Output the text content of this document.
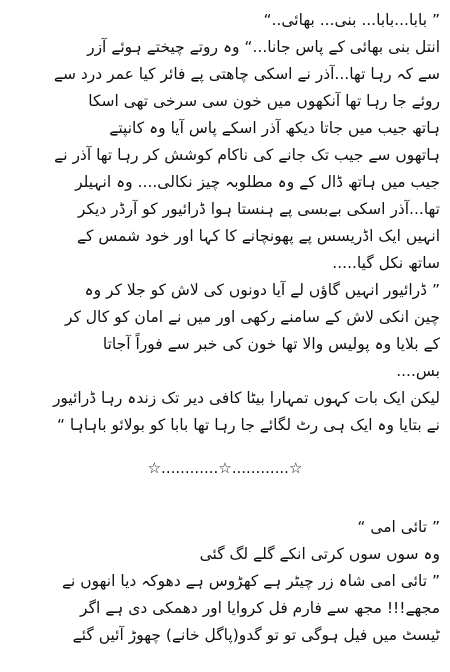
” بابا...بابا... بنی... بھائی..“
انتل بنی بھائی کے پاس جانا...“ وہ روتے چیختے ہوئے آزر
سے کہ رہا تھا...آذر نے اسکی چاھتی پے فائر کیا عمر درد سے
روئے جا رہا تھا آنکھوں میں خون سی سرخی تھی اسکا
ہاتھ جیب میں جاتا دیکھ آذر اسکے پاس آیا وہ کانپتے
ہاتھوں سے جیب تک جانے کی ناکام کوشش کر رہا تھا آذر نے
جیب میں ہاتھ ڈال کے وہ مطلوبہ چیز نکالی.... وہ انہیلر
تھا...آذر اسکی بےبسی پے ہنستا ہوا ڈرائیور کو آرڈر دیکر
انہیں ایک اڈریسس پے پھونچانے کا کہا اور خود شمس کے
ساتھ نکل گیا.....
” ڈرائیور انہیں گاؤں لے آیا دونوں کی لاش کو جلا کر وہ
چین انکی لاش کے سامنے رکھی اور میں نے امان کو کال کر
کے بلایا وہ پولیس والا تھا خون کی خبر سے فوراً آجاتا
بس....
لیکن ایک بات کہوں تمہارا بیٹا کافی دیر تک زندہ رہا ڈرائیور
نے بتایا وہ ایک ہی رٹ لگائے جا رہا تھا بابا کو بولائو باہاہا “
☆............☆............☆
” تائی امی “
وہ سوں سوں کرتی انکے گلے لگ گئی
” تائی امی شاہ زر چیٹر ہے کھڑوس ہے دھوکہ دیا انھوں نے
مجھے!!! مجھ سے فارم فل کروایا اور دھمکی دی ہے اگر
ٹیسٹ میں فیل ہوگی تو تو گدو(پاگل خانے) چھوڑ آئیں گئے
